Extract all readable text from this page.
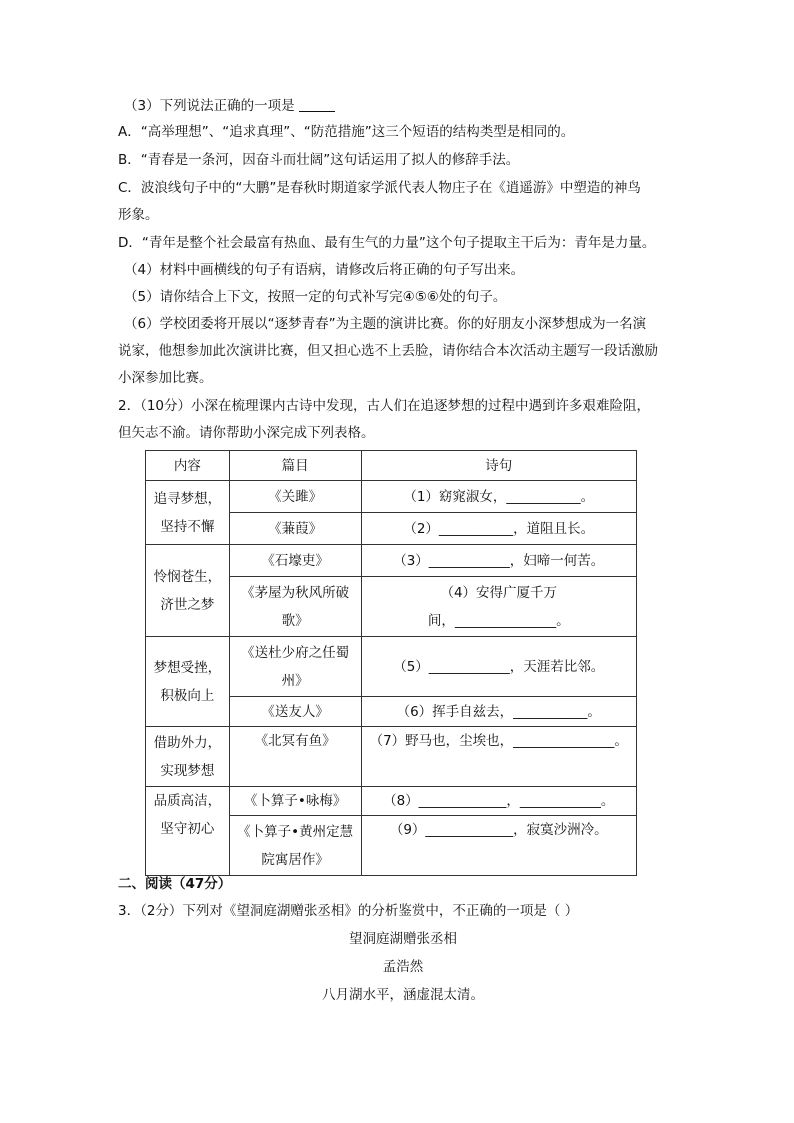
（3）下列说法正确的一项是

A．“高举理想”、“追求真理”、“防范措施”这三个短语的结构类型是相同的。

B．“青春是一条河，因奋斗而壮阔”这句话运用了拟人的修辞手法。

C．波浪线句子中的“大鹏”是春秋时期道家学派代表人物庄子在《逍遥游》中塑造的神鸟

形象。

D．“青年是整个社会最富有热血、最有生气的力量”这个句子提取主干后为：青年是力量。

（4）材料中画横线的句子有语病，请修改后将正确的句子写出来。

（5）请你结合上下文，按照一定的句式补写完④⑤⑥处的句子。

（6）学校团委将开展以“逐梦青春”为主题的演讲比赛。你的好朋友小深梦想成为一名演

说家，他想参加此次演讲比赛，但又担心选不上丢脸，请你结合本次活动主题写一段话激励

小深参加比赛。

2．（10分）小深在梳理课内古诗中发现，古人们在追逐梦想的过程中遇到许多艰难险阻，

但矢志不渝。请你帮助小深完成下列表格。

内容	篇目	诗句
追寻梦想，
坚持不懈	《关雎》	（1）窈窕淑女，___________。
	《蒹葭》	（2）___________，道阻且长。
怜悯苍生，
济世之梦	《石壕吏》	（3）____________，妇啼一何苦。
	《茅屋为秋风所破
歌》	（4）安得广厦千万
间，_______________。
梦想受挫，
积极向上	《送杜少府之任蜀
州》	（5）____________，天涯若比邻。
	《送友人》	（6）挥手自兹去，___________。
借助外力，
实现梦想	《北冥有鱼》	（7）野马也，尘埃也，_______________。
品质高洁，
坚守初心	《卜算子•咏梅》	（8）_____________，____________。
	《卜算子•黄州定慧
院寓居作》	（9）_____________，寂寞沙洲冷。

二、阅读（47分）

3．（2分）下列对《望洞庭湖赠张丞相》的分析鉴赏中，不正确的一项是（ ）

望洞庭湖赠张丞相
孟浩然
八月湖水平，涵虚混太清。
